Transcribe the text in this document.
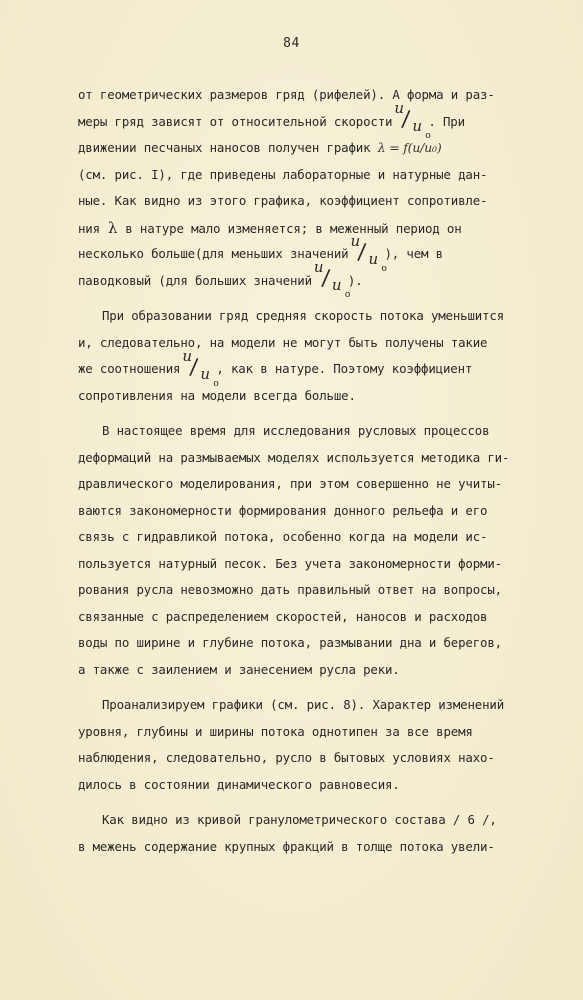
84
от геометрических размеров гряд (рифелей). А форма и раз-
меры гряд зависят от относительной скорости
u
/ u
o
. При
движении песчаных наносов получен график λ = f(u/u₀)
(см. рис. I), где приведены лабораторные и натурные дан-
ные. Как видно из этого графика, коэффициент сопротивле-
ния λ в натуре мало изменяется; в меженный период он
несколько больше(для меньших значений
u
/ u
o
), чем в
паводковый (для больших значений
u
/ u
o
).
При образовании гряд средняя скорость потока уменьшится
и, следовательно, на модели не могут быть получены такие
же соотношения
u
/ u
o
, как в натуре. Поэтому коэффициент
сопротивления на модели всегда больше.
В настоящее время для исследования русловых процессов
деформаций на размываемых моделях используется методика ги-
дравлического моделирования, при этом совершенно не учиты-
ваются закономерности формирования донного рельефа и его
связь с гидравликой потока, особенно когда на модели ис-
пользуется натурный песок. Без учета закономерности форми-
рования русла невозможно дать правильный ответ на вопросы,
связанные с распределением скоростей, наносов и расходов
воды по ширине и глубине потока, размывании дна и берегов,
а также с заилением и занесением русла реки.
Проанализируем графики (см. рис. 8). Характер изменений
уровня, глубины и ширины потока однотипен за все время
наблюдения, следовательно, русло в бытовых условиях нахо-
дилось в состоянии динамического равновесия.
Как видно из кривой гранулометрического состава / 6 /,
в межень содержание крупных фракций в толще потока увели-
